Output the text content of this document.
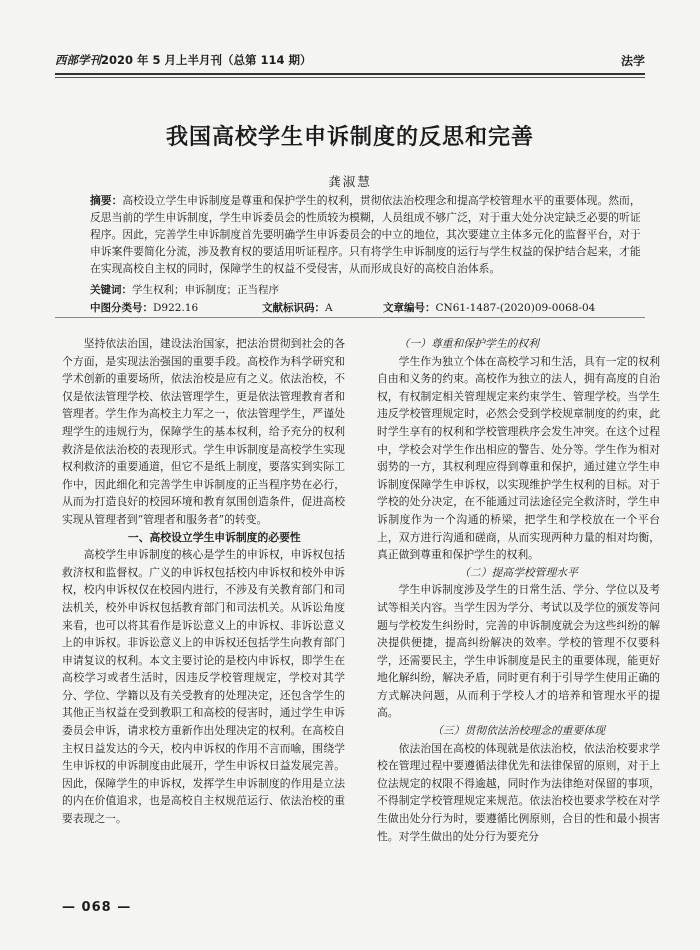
西部学刊2020 年 5 月上半月刊（总第 114 期）	法学
我国高校学生申诉制度的反思和完善
龚淑慧
摘要：高校设立学生申诉制度是尊重和保护学生的权利，贯彻依法治校理念和提高学校管理水平的重要体现。然而，反思当前的学生申诉制度，学生申诉委员会的性质较为模糊，人员组成不够广泛，对于重大处分决定缺乏必要的听证程序。因此，完善学生申诉制度首先要明确学生申诉委员会的中立的地位，其次要建立主体多元化的监督平台，对于申诉案件要简化分流，涉及教育权的要适用听证程序。只有将学生申诉制度的运行与学生权益的保护结合起来，才能在实现高校自主权的同时，保障学生的权益不受侵害，从而形成良好的高校自治体系。
关键词：学生权利；申诉制度；正当程序
中图分类号：D922.16	文献标识码：A	文章编号：CN61-1487-(2020)09-0068-04

坚持依法治国，建设法治国家，把法治贯彻到社会的各个方面，是实现法治强国的重要手段。高校作为科学研究和学术创新的重要场所，依法治校是应有之义。依法治校，不仅是依法管理学校、依法管理学生，更是依法管理教育者和管理者。学生作为高校主力军之一，依法管理学生，严谨处理学生的违规行为，保障学生的基本权利，给予充分的权利救济是依法治校的表现形式。学生申诉制度是高校学生实现权利救济的重要通道，但它不是纸上制度，要落实到实际工作中，因此细化和完善学生申诉制度的正当程序势在必行，从而为打造良好的校园环境和教育氛围创造条件，促进高校实现从管理者到“管理者和服务者”的转变。

一、高校设立学生申诉制度的必要性

高校学生申诉制度的核心是学生的申诉权，申诉权包括救济权和监督权。广义的申诉权包括校内申诉权和校外申诉权，校内申诉权仅在校园内进行，不涉及有关教育部门和司法机关，校外申诉权包括教育部门和司法机关。从诉讼角度来看，也可以将其看作是诉讼意义上的申诉权、非诉讼意义上的申诉权。非诉讼意义上的申诉权还包括学生向教育部门申请复议的权利。本文主要讨论的是校内申诉权，即学生在高校学习或者生活时，因违反学校管理规定，学校对其学分、学位、学籍以及有关受教育的处理决定，还包含学生的其他正当权益在受到教职工和高校的侵害时，通过学生申诉委员会申诉，请求校方重新作出处理决定的权利。在高校自主权日益发达的今天，校内申诉权的作用不言而喻，围绕学生申诉权的申诉制度由此展开，学生申诉权日益发展完善。因此，保障学生的申诉权，发挥学生申诉制度的作用是立法的内在价值追求，也是高校自主权规范运行、依法治校的重要表现之一。

（一）尊重和保护学生的权利

学生作为独立个体在高校学习和生活，具有一定的权利自由和义务的约束。高校作为独立的法人，拥有高度的自治权，有权制定相关管理规定来约束学生、管理学校。当学生违反学校管理规定时，必然会受到学校规章制度的约束，此时学生享有的权利和学校管理秩序会发生冲突。在这个过程中，学校会对学生作出相应的警告、处分等。学生作为相对弱势的一方，其权利理应得到尊重和保护，通过建立学生申诉制度保障学生申诉权，以实现维护学生权利的目标。对于学校的处分决定，在不能通过司法途径完全救济时，学生申诉制度作为一个沟通的桥梁，把学生和学校放在一个平台上，双方进行沟通和磋商，从而实现两种力量的相对均衡，真正做到尊重和保护学生的权利。

（二）提高学校管理水平

学生申诉制度涉及学生的日常生活、学分、学位以及考试等相关内容。当学生因为学分、考试以及学位的颁发等问题与学校发生纠纷时，完善的申诉制度就会为这些纠纷的解决提供便捷，提高纠纷解决的效率。学校的管理不仅要科学，还需要民主，学生申诉制度是民主的重要体现，能更好地化解纠纷，解决矛盾，同时更有利于引导学生使用正确的方式解决问题，从而利于学校人才的培养和管理水平的提高。

（三）贯彻依法治校理念的重要体现

依法治国在高校的体现就是依法治校，依法治校要求学校在管理过程中要遵循法律优先和法律保留的原则，对于上位法规定的权限不得逾越，同时作为法律绝对保留的事项，不得制定学校管理规定来规范。依法治校也要求学校在对学生做出处分行为时，要遵循比例原则，合目的性和最小损害性。对学生做出的处分行为要充分

— 068 —
